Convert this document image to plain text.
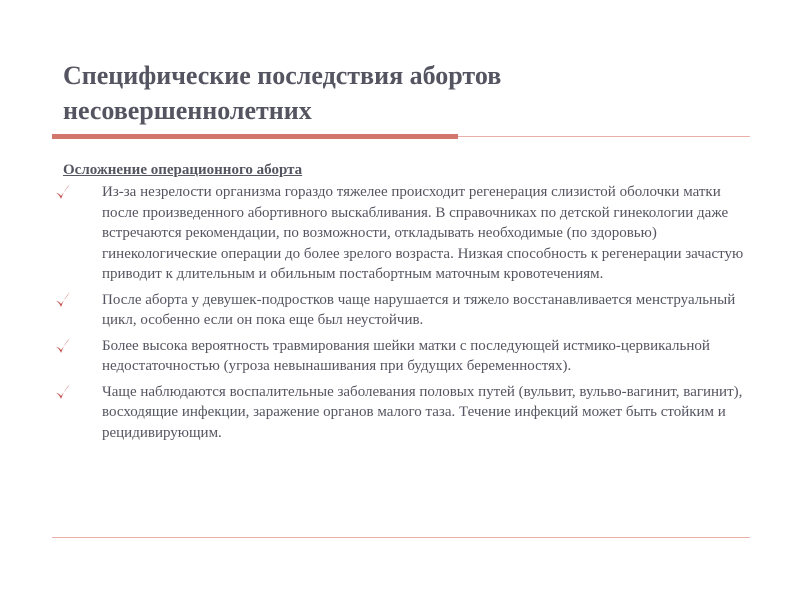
Специфические последствия абортов несовершеннолетних

Осложнение операционного аборта

Из-за незрелости организма гораздо тяжелее происходит регенерация слизистой оболочки матки после произведенного абортивного выскабливания. В справочниках по детской гинекологии даже встречаются рекомендации, по возможности, откладывать необходимые (по здоровью) гинекологические операции до более зрелого возраста. Низкая способность к регенерации зачастую приводит к длительным и обильным постабортным маточным кровотечениям.
После аборта у девушек-подростков чаще нарушается и тяжело восстанавливается менструальный цикл, особенно если он пока еще был неустойчив.
Более высока вероятность травмирования шейки матки с последующей истмико-цервикальной недостаточностью (угроза невынашивания при будущих беременностях).
Чаще наблюдаются воспалительные заболевания половых путей (вульвит, вульво-вагинит, вагинит), восходящие инфекции, заражение органов малого таза. Течение инфекций может быть стойким и рецидивирующим.
